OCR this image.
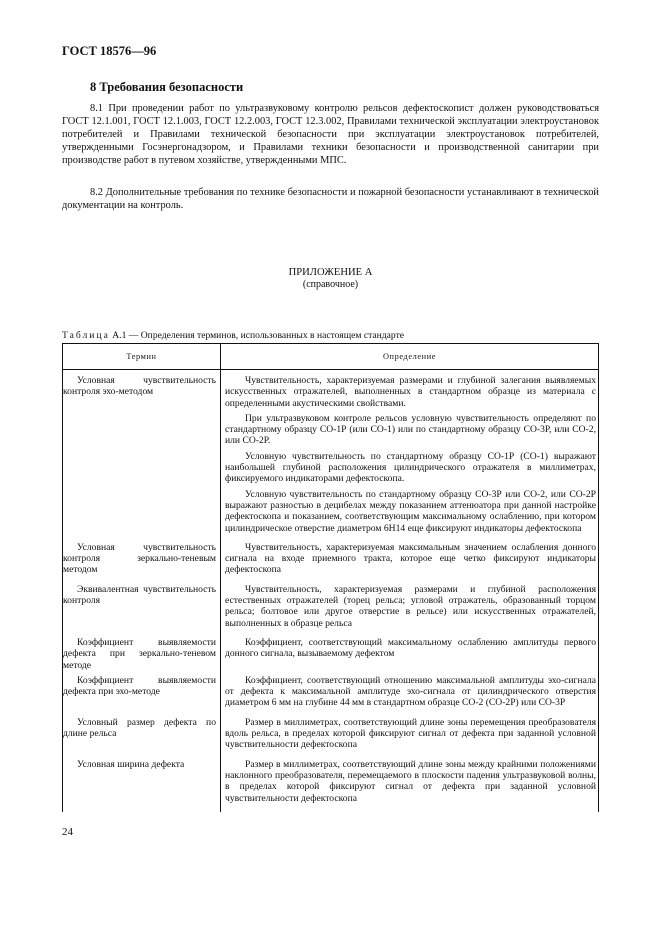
ГОСТ 18576—96
8 Требования безопасности

8.1 При проведении работ по ультразвуковому контролю рельсов дефектоскопист должен руководствоваться ГОСТ 12.1.001, ГОСТ 12.1.003, ГОСТ 12.2.003, ГОСТ 12.3.002, Правилами технической эксплуатации электроустановок потребителей и Правилами технической безопасности при эксплуатации электроустановок потребителей, утвержденными Госэнергонадзором, и Правилами техники безопасности и производственной санитарии при производстве работ в путевом хозяйстве, утвержденными МПС.

8.2 Дополнительные требования по технике безопасности и пожарной безопасности устанавливают в технической документации на контроль.

ПРИЛОЖЕНИЕ А
(справочное)
Таблица А.1 — Определения терминов, использованных в настоящем стандарте
Термин	Определение

Условная чувствительность контроля эхо-методом	Чувствительность, характеризуемая размерами и глубиной залегания выявляемых искусственных отражателей, выполненных в стандартном образце из материала с определенными акустическими свойствами.

При ультразвуковом контроле рельсов условную чувствительность определяют по стандартному образцу СО-1Р (или СО-1) или по стандартному образцу СО-3Р, или СО-2, или СО-2Р.

Условную чувствительность по стандартному образцу СО-1Р (СО-1) выражают наибольшей глубиной расположения цилиндрического отражателя в миллиметрах, фиксируемого индикаторами дефектоскопа.

Условную чувствительность по стандартному образцу СО-3Р или СО-2, или СО-2Р выражают разностью в децибелах между показанием аттенюатора при данной настройке дефектоскопа и показанием, соответствующим максимальному ослаблению, при котором цилиндрическое отверстие диаметром 6Н14 еще фиксируют индикаторы дефектоскопа

Условная чувствительность контроля зеркально-теневым методом	Чувствительность, характеризуемая максимальным значением ослабления донного сигнала на входе приемного тракта, которое еще четко фиксируют индикаторы дефектоскопа

Эквивалентная чувствительность контроля	Чувствительность, характеризуемая размерами и глубиной расположения естественных отражателей (торец рельса; угловой отражатель, образованный торцом рельса; болтовое или другое отверстие в рельсе) или искусственных отражателей, выполненных в образце рельса

Коэффициент выявляемости дефекта при зеркально-теневом методе	Коэффициент, соответствующий максимальному ослаблению амплитуды первого донного сигнала, вызываемому дефектом

Коэффициент выявляемости дефекта при эхо-методе	Коэффициент, соответствующий отношению максимальной амплитуды эхо-сигнала от дефекта к максимальной амплитуде эхо-сигнала от цилиндрического отверстия диаметром 6 мм на глубине 44 мм в стандартном образце СО-2 (СО-2Р) или СО-3Р

Условный размер дефекта по длине рельса	Размер в миллиметрах, соответствующий длине зоны перемещения преобразователя вдоль рельса, в пределах которой фиксируют сигнал от дефекта при заданной условной чувствительности дефектоскопа

Условная ширина дефекта	Размер в миллиметрах, соответствующий длине зоны между крайними положениями наклонного преобразователя, перемещаемого в плоскости падения ультразвуковой волны, в пределах которой фиксируют сигнал от дефекта при заданной условной чувствительности дефектоскопа

24
